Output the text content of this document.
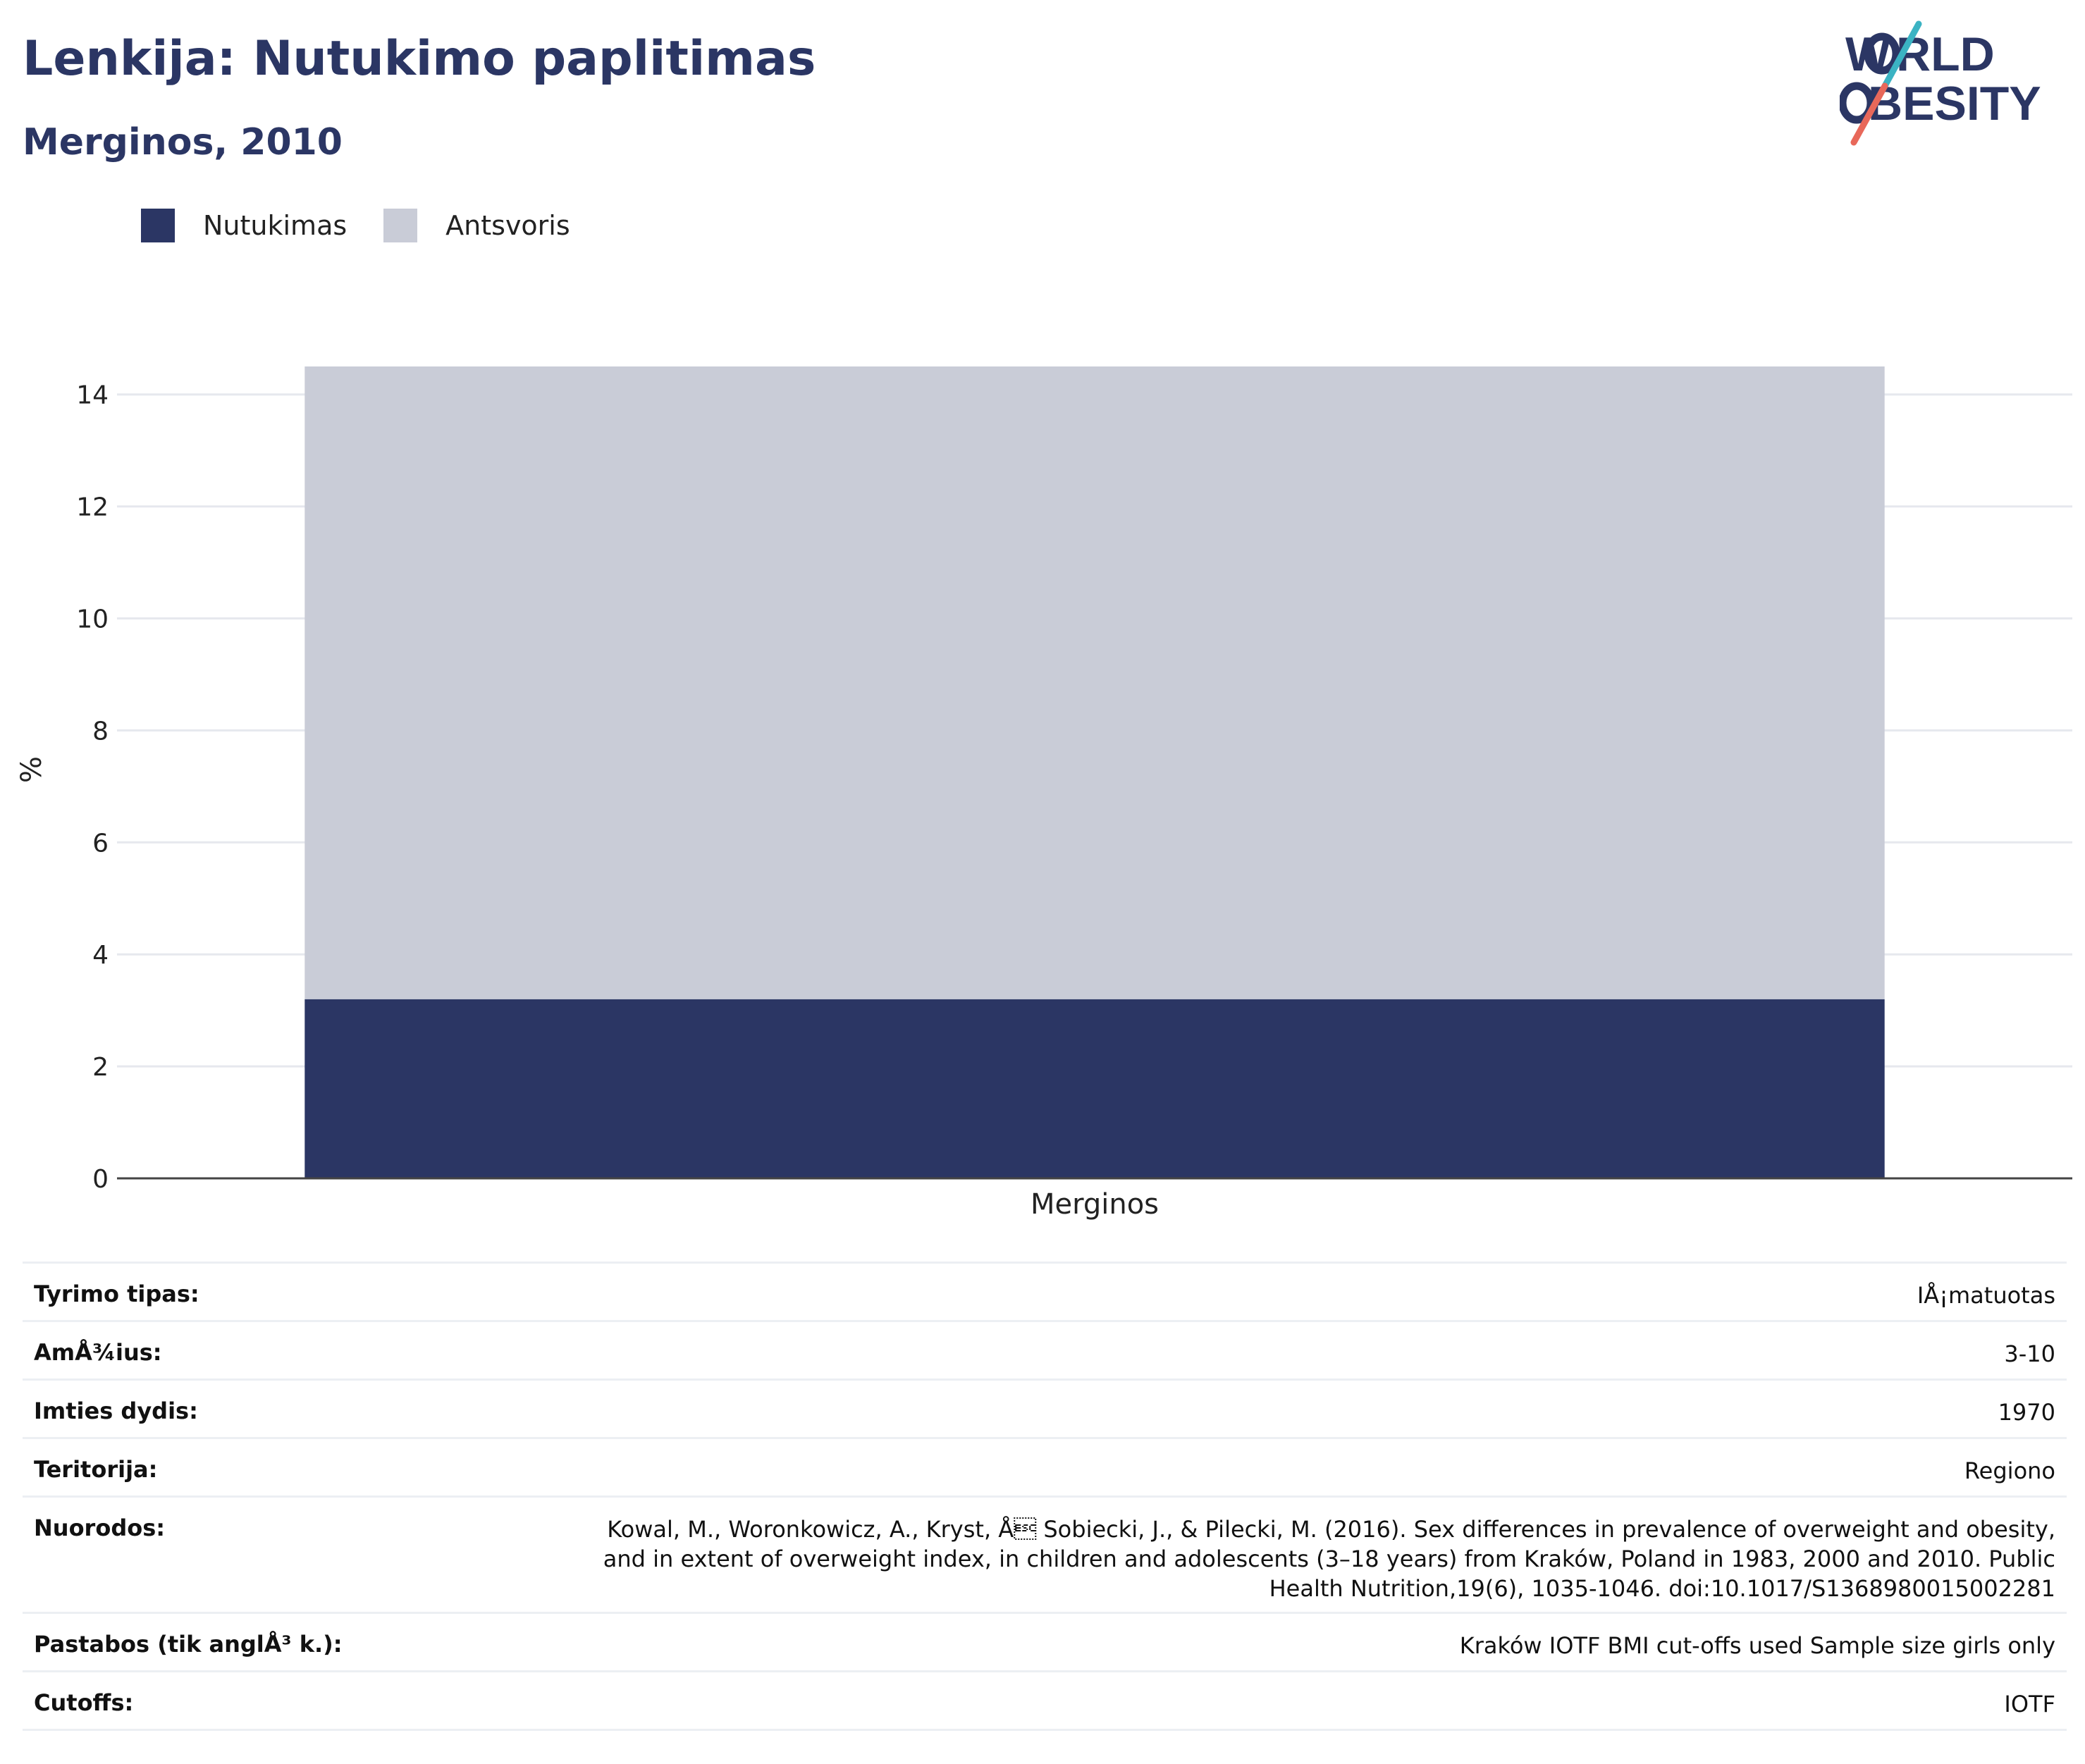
Lenkija: Nutukimo paplitimas
Merginos, 2010
W RLD
BESITY
Nutukimas	Antsvoris
0
2
4
6
8
10
12
14
%
Merginos
Tyrimo tipas:	IÅ¡matuotas
AmÅ¾ius:	3-10
Imties dydis:	1970
Teritorija:	Regiono
Nuorodos:	Kowal, M., Woronkowicz, A., Kryst, Å Sobiecki, J., & Pilecki, M. (2016). Sex differences in prevalence of overweight and obesity, and in extent of overweight index, in children and adolescents (3–18 years) from Kraków, Poland in 1983, 2000 and 2010. Public Health Nutrition,19(6), 1035-1046. doi:10.1017/S1368980015002281
Pastabos (tik anglÅ³ k.):	Kraków IOTF BMI cut-offs used Sample size girls only
Cutoffs:	IOTF
